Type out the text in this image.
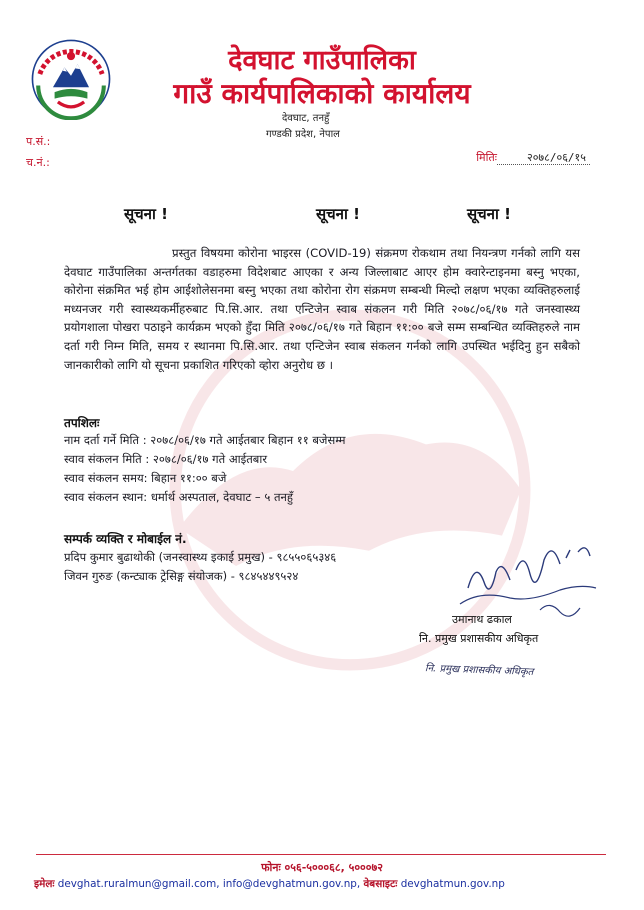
देवघाट गाउँपालिका
गाउँ कार्यपालिकाको कार्यालय
देवघाट, तनहुँ
गण्डकी प्रदेश, नेपाल
प.सं.:
च.नं.:	मितिः	२०७८/०६/१५
सूचना !	सूचना !	सूचना !

प्रस्तुत विषयमा कोरोना भाइरस (COVID-19) संक्रमण रोकथाम तथा नियन्त्रण गर्नको लागि यस देवघाट गाउँपालिका अन्तर्गतका वडाहरुमा विदेशबाट आएका र अन्य जिल्लाबाट आएर होम क्वारेन्टाइनमा बस्नु भएका, कोरोना संक्रमित भई होम आईशोलेसनमा बस्नु भएका तथा कोरोना रोग संक्रमण सम्बन्धी मिल्दो लक्षण भएका व्यक्तिहरुलाई मध्यनजर गरी स्वास्थ्यकर्मीहरुबाट पि.सि.आर. तथा एन्टिजेन स्वाब संकलन गरी मिति २०७८/०६/१७ गते जनस्वास्थ्य प्रयोगशाला पोखरा पठाइने कार्यक्रम भएको हुँदा मिति २०७८/०६/१७ गते बिहान ११:०० बजे सम्म सम्बन्धित व्यक्तिहरुले नाम दर्ता गरी निम्न मिति, समय र स्थानमा पि.सि.आर. तथा एन्टिजेन स्वाब संकलन गर्नको लागि उपस्थित भईदिनु हुन सबैको जानकारीको लागि यो सूचना प्रकाशित गरिएको व्होरा अनुरोध छ ।

तपशिलः
नाम दर्ता गर्ने मिति : २०७८/०६/१७ गते आईतबार बिहान ११ बजेसम्म
स्वाव संकलन मिति : २०७८/०६/१७ गते आईतबार
स्वाव संकलन समय: बिहान ११:०० बजे
स्वाव संकलन स्थान: धर्मार्थ अस्पताल, देवघाट – ५ तनहुँ
सम्पर्क व्यक्ति र मोबाईल नं.
प्रदिप कुमार बुढाथोकी (जनस्वास्थ्य इकाई प्रमुख) - ९८५५०६५३४६
जिवन गुरुङ (कन्ट्याक ट्रेसिङ्ग संयोजक) - ९८४५४४९५२४
उमानाथ ढकाल
नि. प्रमुख प्रशासकीय अधिकृत
नि. प्रमुख प्रशासकीय अधिकृत
फोनः ०५६-५०००६८, ५०००७२
इमेलः devghat.ruralmun@gmail.com, info@devghatmun.gov.np, वेबसाइटः devghatmun.gov.np
